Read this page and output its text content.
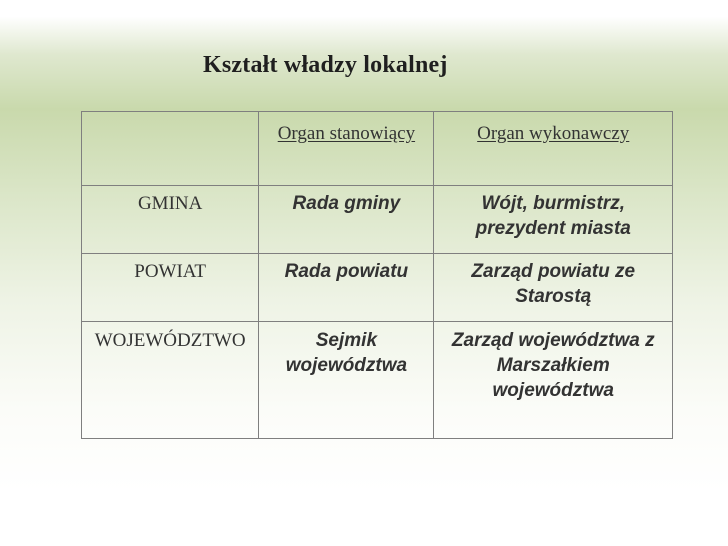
Kształt władzy lokalnej
	Organ stanowiący	Organ wykonawczy
GMINA	Rada gminy	Wójt, burmistrz, prezydent miasta
POWIAT	Rada powiatu	Zarząd powiatu ze Starostą
WOJEWÓDZTWO	Sejmik województwa	Zarząd województwa z Marszałkiem województwa
